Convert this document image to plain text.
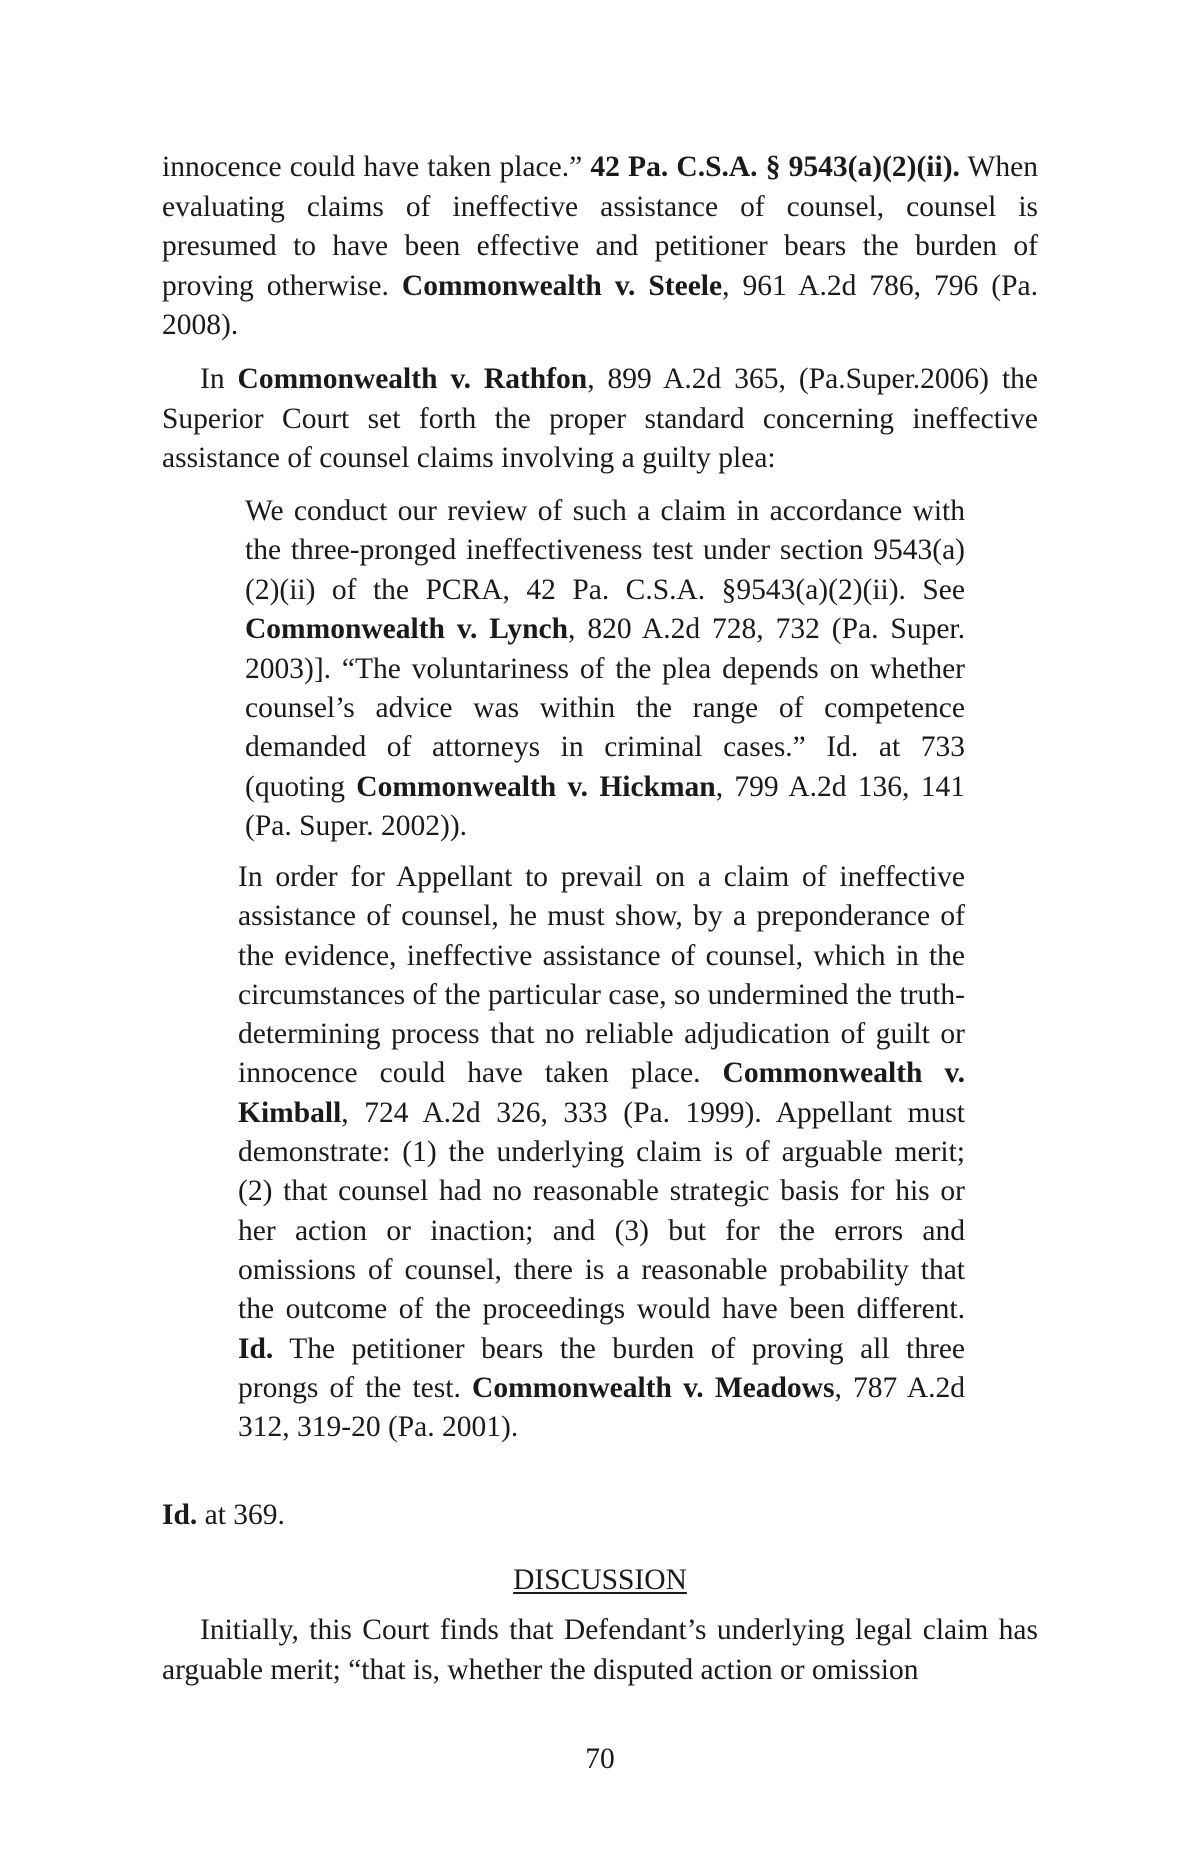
innocence could have taken place.” 42 Pa. C.S.A. § 9543(a)(2)(ii). When evaluating claims of ineffective assistance of counsel, counsel is presumed to have been effective and petitioner bears the burden of proving otherwise. Commonwealth v. Steele, 961 A.2d 786, 796 (Pa. 2008).

In Commonwealth v. Rathfon, 899 A.2d 365, (Pa.Super.2006) the Superior Court set forth the proper standard concerning ineffective assistance of counsel claims involving a guilty plea:

We conduct our review of such a claim in accordance with the three-pronged ineffectiveness test under section 9543(a)(2)(ii) of the PCRA, 42 Pa. C.S.A. §9543(a)(2)(ii). See Commonwealth v. Lynch, 820 A.2d 728, 732 (Pa. Super. 2003)]. “The voluntariness of the plea depends on whether counsel’s advice was within the range of competence demanded of attorneys in criminal cases.” Id. at 733 (quoting Commonwealth v. Hickman, 799 A.2d 136, 141 (Pa. Super. 2002)).

In order for Appellant to prevail on a claim of ineffective assistance of counsel, he must show, by a preponderance of the evidence, ineffective assistance of counsel, which in the circumstances of the particular case, so undermined the truth-determining process that no reliable adjudication of guilt or innocence could have taken place. Commonwealth v. Kimball, 724 A.2d 326, 333 (Pa. 1999). Appellant must demonstrate: (1) the underlying claim is of arguable merit; (2) that counsel had no reasonable strategic basis for his or her action or inaction; and (3) but for the errors and omissions of counsel, there is a reasonable probability that the outcome of the proceedings would have been different. Id. The petitioner bears the burden of proving all three prongs of the test. Commonwealth v. Meadows, 787 A.2d 312, 319-20 (Pa. 2001).

Id. at 369.
DISCUSSION

Initially, this Court finds that Defendant’s underlying legal claim has arguable merit; “that is, whether the disputed action or omission

70
